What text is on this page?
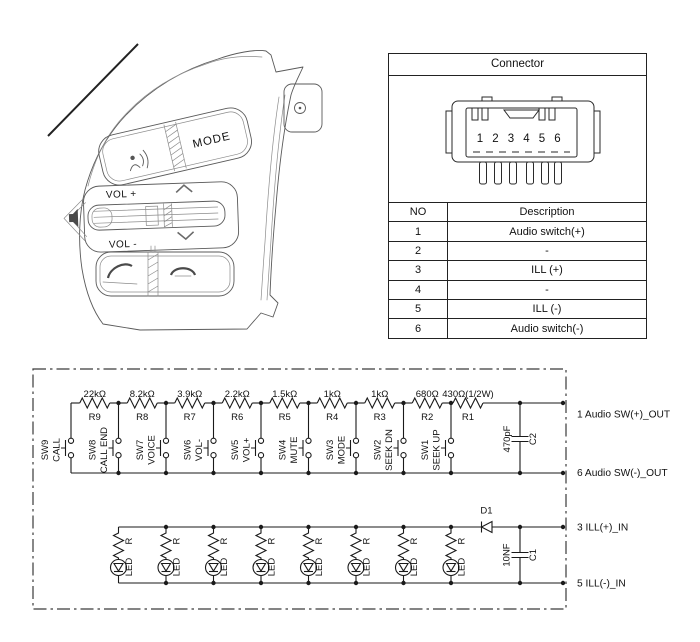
MODE
VOL +
VOL -
Connector
1 2 3 4 5 6
NO	Description
1	Audio switch(+)
2	-
3	ILL (+)
4	-
5	ILL (-)
6	Audio switch(-)
470pF C2
10NF C1
D1
1 Audio SW(+)_OUT
6 Audio SW(-)_OUT
3 ILL(+)_IN
5 ILL(-)_IN
22kΩ
R9
8.2kΩ
R8
3.9kΩ
R7
2.2kΩ
R6
1.5kΩ
R5
1kΩ
R4
1kΩ
R3
680Ω
R2
430Ω(1/2W)
R1
SW9 CALL	SW8 CALL END	SW7 VOICE	SW6 VOL-	SW5 VOL+	SW4 MUTE	SW3 MODE	SW2 SEEK DN	SW1 SEEK UP
R
LED
R
LED
R
LED
R
LED
R
LED
R
LED
R
LED
R
LED
